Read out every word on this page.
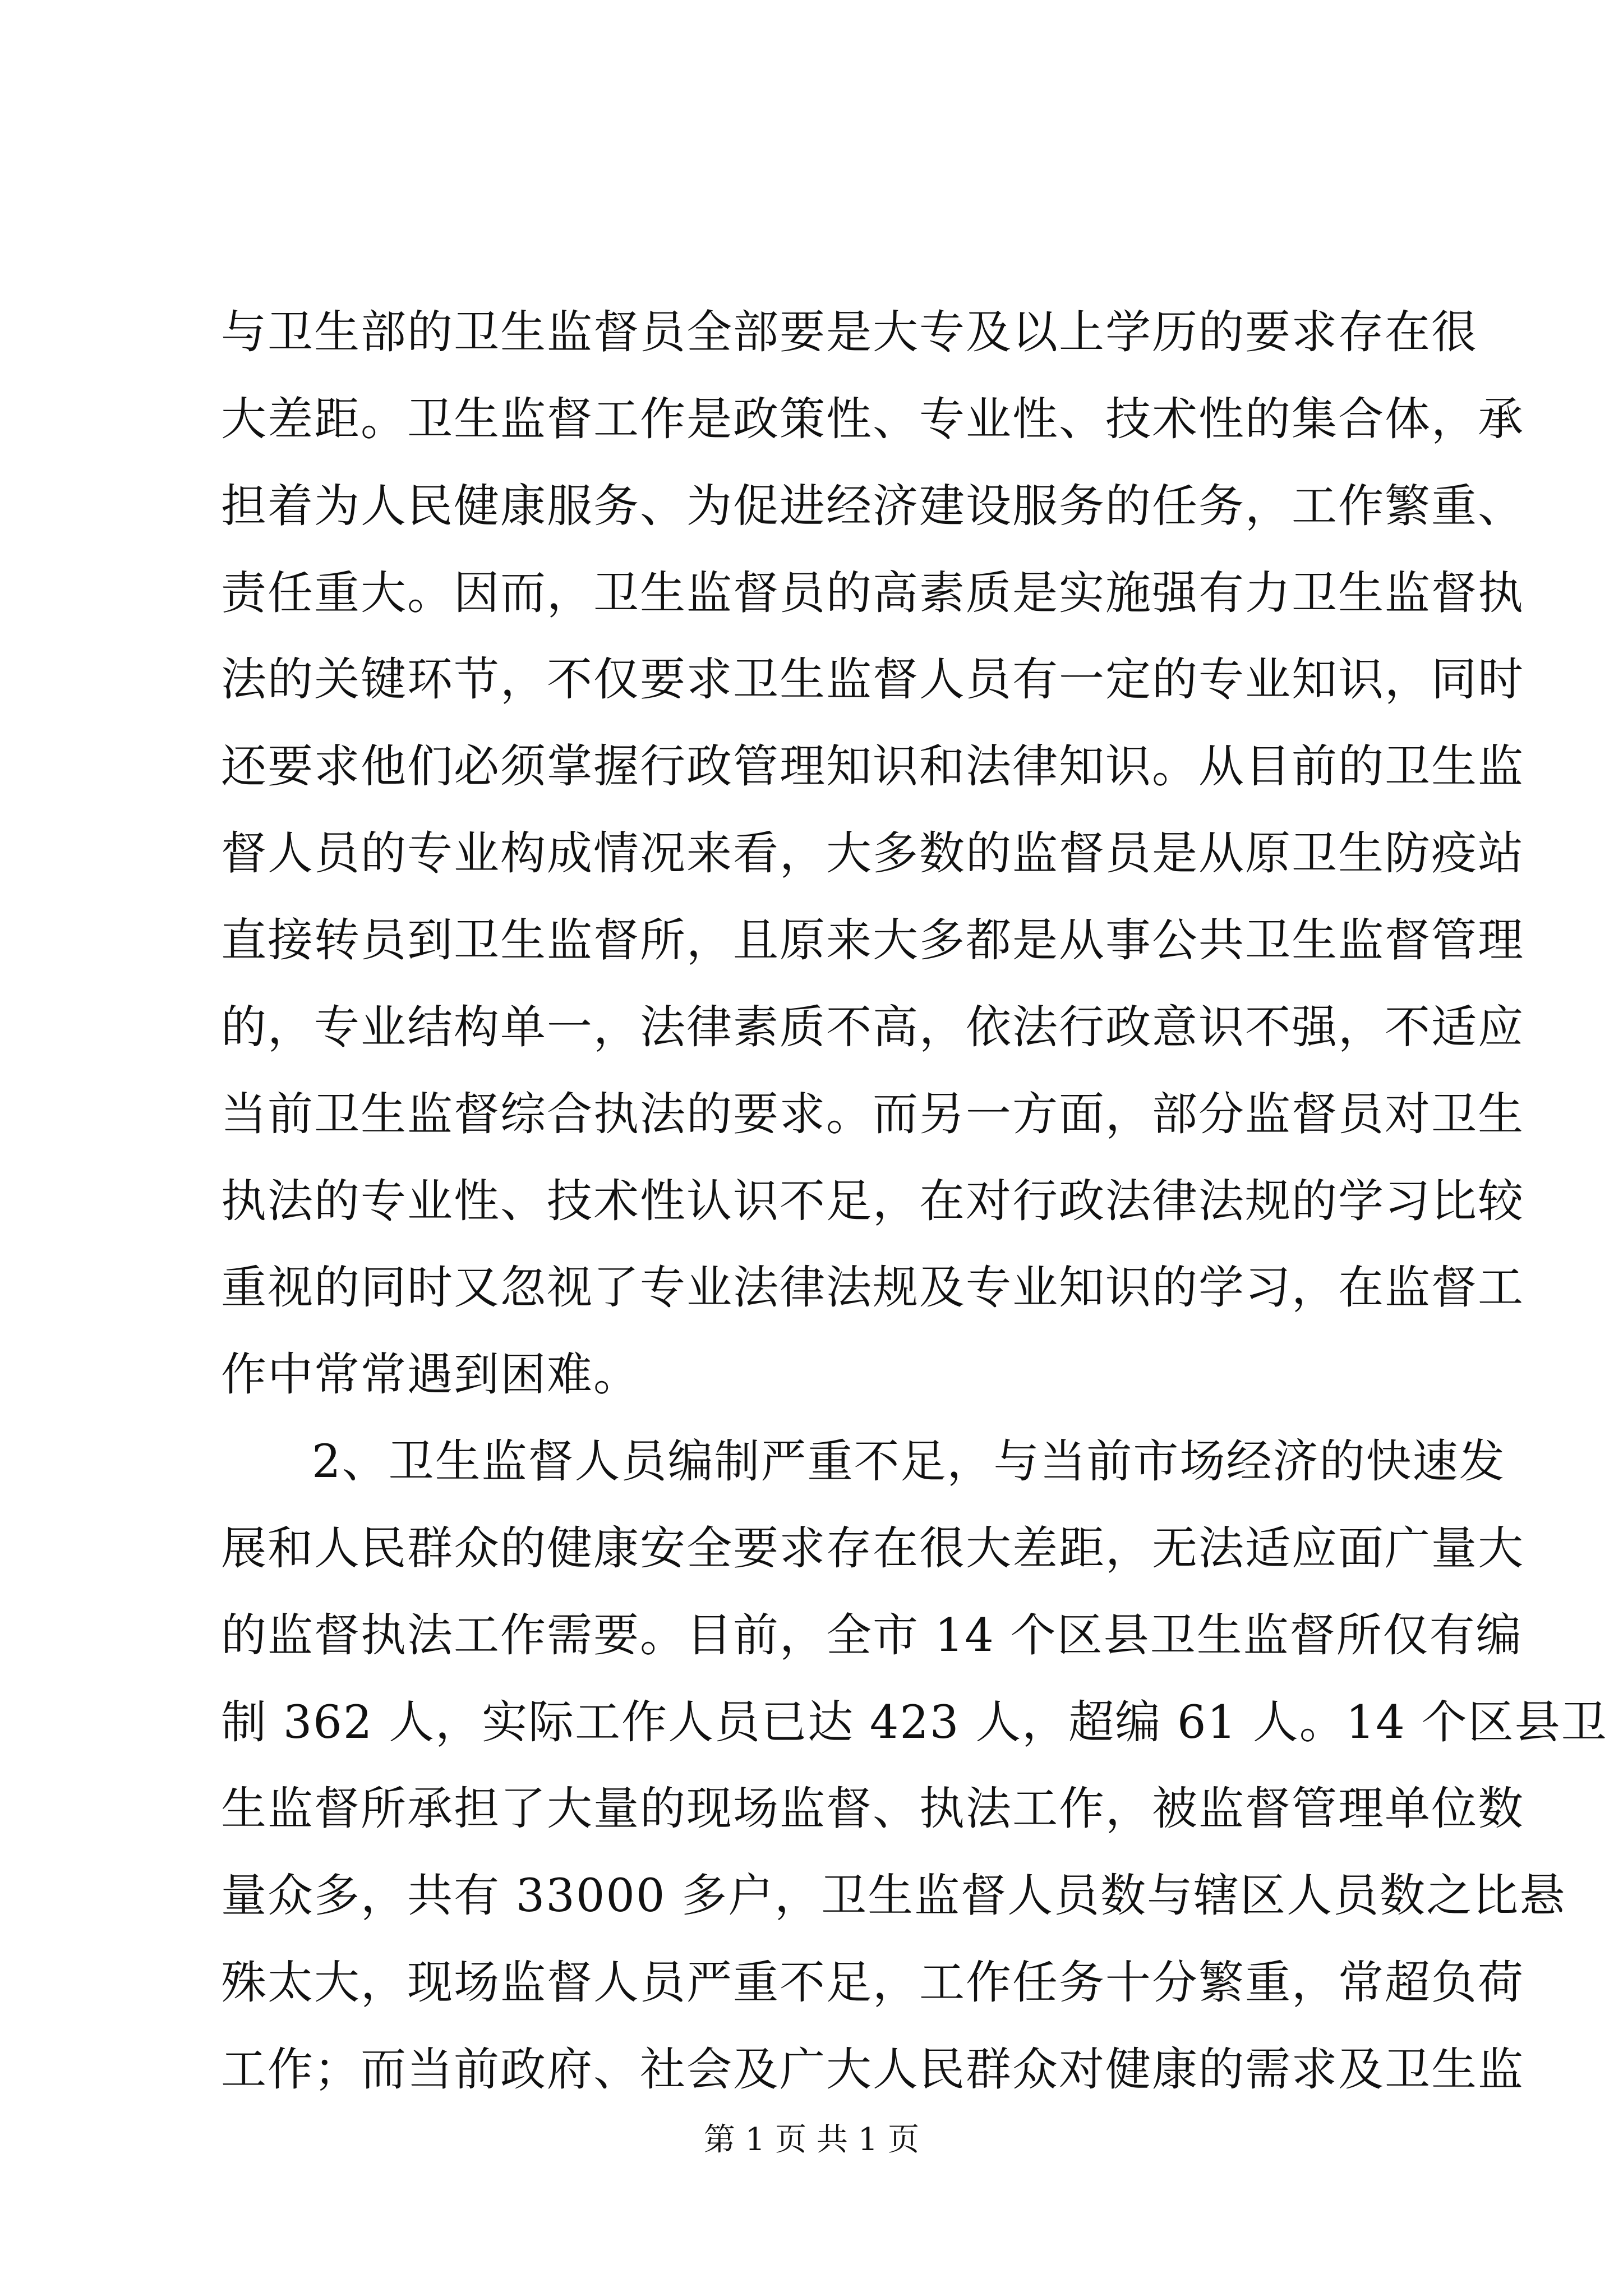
与卫生部的卫生监督员全部要是大专及以上学历的要求存在很
大差距。卫生监督工作是政策性、专业性、技术性的集合体，承
担着为人民健康服务、为促进经济建设服务的任务，工作繁重、
责任重大。因而，卫生监督员的高素质是实施强有力卫生监督执
法的关键环节，不仅要求卫生监督人员有一定的专业知识，同时
还要求他们必须掌握行政管理知识和法律知识。从目前的卫生监
督人员的专业构成情况来看，大多数的监督员是从原卫生防疫站
直接转员到卫生监督所，且原来大多都是从事公共卫生监督管理
的，专业结构单一，法律素质不高，依法行政意识不强，不适应
当前卫生监督综合执法的要求。而另一方面，部分监督员对卫生
执法的专业性、技术性认识不足，在对行政法律法规的学习比较
重视的同时又忽视了专业法律法规及专业知识的学习，在监督工
作中常常遇到困难。
2、卫生监督人员编制严重不足，与当前市场经济的快速发
展和人民群众的健康安全要求存在很大差距，无法适应面广量大
的监督执法工作需要。目前，全市 14 个区县卫生监督所仅有编
制 362 人，实际工作人员已达 423 人，超编 61 人。14 个区县卫
生监督所承担了大量的现场监督、执法工作，被监督管理单位数
量众多，共有 33000 多户，卫生监督人员数与辖区人员数之比悬
殊太大，现场监督人员严重不足，工作任务十分繁重，常超负荷
工作；而当前政府、社会及广大人民群众对健康的需求及卫生监
第 1 页 共 1 页
